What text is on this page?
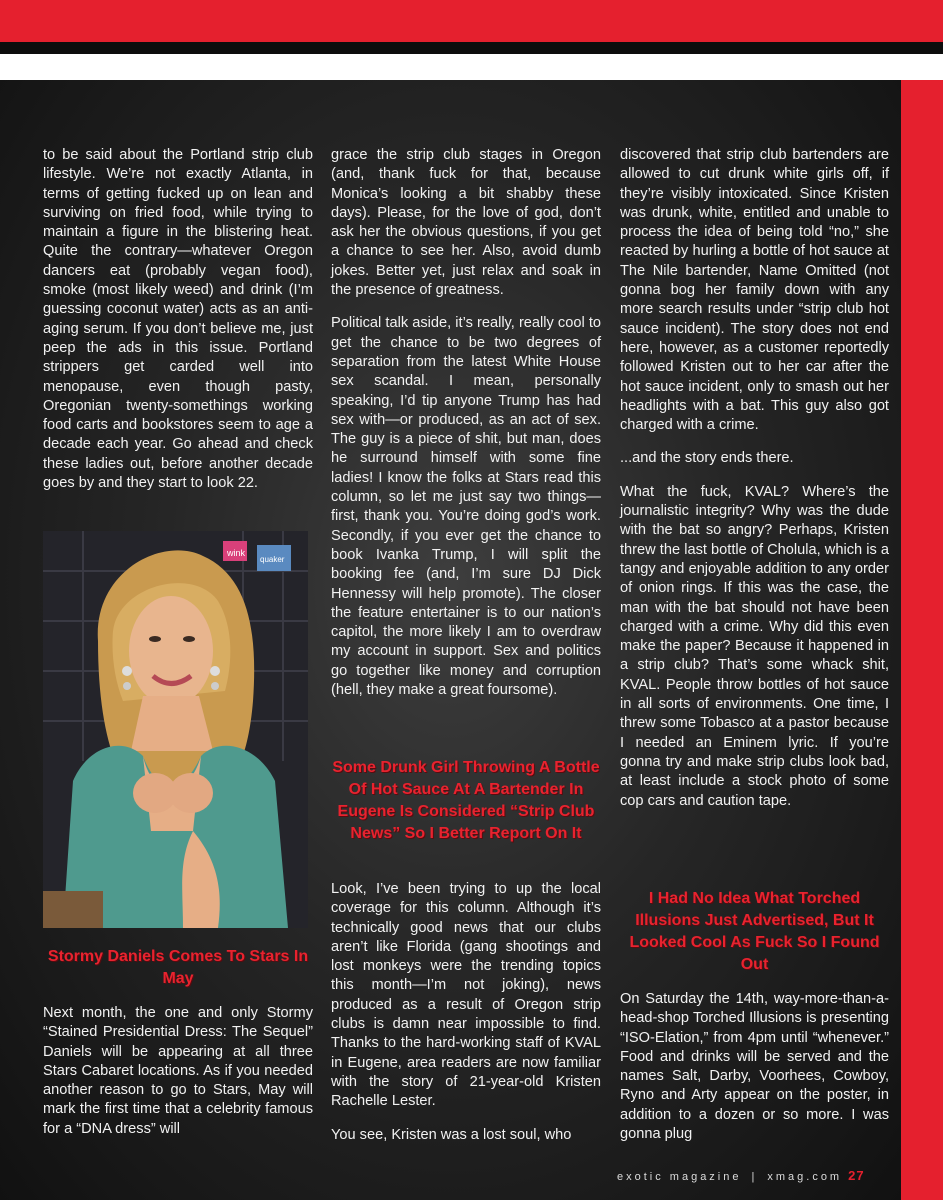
to be said about the Portland strip club lifestyle. We’re not exactly Atlanta, in terms of getting fucked up on lean and surviving on fried food, while trying to maintain a figure in the blistering heat. Quite the contrary—whatever Oregon dancers eat (probably vegan food), smoke (most likely weed) and drink (I’m guessing coconut water) acts as an anti-aging serum. If you don’t believe me, just peep the ads in this issue. Portland strippers get carded well into menopause, even though pasty, Oregonian twenty-somethings working food carts and bookstores seem to age a decade each year. Go ahead and check these ladies out, before another decade goes by and they start to look 22.

wink
quaker

Stormy Daniels Comes To Stars In May

Next month, the one and only Stormy “Stained Presidential Dress: The Sequel” Daniels will be appearing at all three Stars Cabaret locations. As if you needed another reason to go to Stars, May will mark the first time that a celebrity famous for a “DNA dress” will

grace the strip club stages in Oregon (and, thank fuck for that, because Monica’s looking a bit shabby these days). Please, for the love of god, don’t ask her the obvious questions, if you get a chance to see her. Also, avoid dumb jokes. Better yet, just relax and soak in the presence of greatness.

Political talk aside, it’s really, really cool to get the chance to be two degrees of separation from the latest White House sex scandal. I mean, personally speaking, I’d tip anyone Trump has had sex with—or produced, as an act of sex. The guy is a piece of shit, but man, does he surround himself with some fine ladies! I know the folks at Stars read this column, so let me just say two things—first, thank you. You’re doing god’s work. Secondly, if you ever get the chance to book Ivanka Trump, I will split the booking fee (and, I’m sure DJ Dick Hennessy will help promote). The closer the feature entertainer is to our nation’s capitol, the more likely I am to overdraw my account in support. Sex and politics go together like money and corruption (hell, they make a great foursome).

Some Drunk Girl Throwing A Bottle Of Hot Sauce At A Bartender In Eugene Is Considered “Strip Club News” So I Better Report On It

Look, I’ve been trying to up the local coverage for this column. Although it’s technically good news that our clubs aren’t like Florida (gang shootings and lost monkeys were the trending topics this month—I’m not joking), news produced as a result of Oregon strip clubs is damn near impossible to find. Thanks to the hard-working staff of KVAL in Eugene, area readers are now familiar with the story of 21-year-old Kristen Rachelle Lester.

You see, Kristen was a lost soul, who

discovered that strip club bartenders are allowed to cut drunk white girls off, if they’re visibly intoxicated. Since Kristen was drunk, white, entitled and unable to process the idea of being told “no,” she reacted by hurling a bottle of hot sauce at The Nile bartender, Name Omitted (not gonna bog her family down with any more search results under “strip club hot sauce incident). The story does not end here, however, as a customer reportedly followed Kristen out to her car after the hot sauce incident, only to smash out her headlights with a bat. This guy also got charged with a crime.

...and the story ends there.

What the fuck, KVAL? Where’s the journalistic integrity? Why was the dude with the bat so angry? Perhaps, Kristen threw the last bottle of Cholula, which is a tangy and enjoyable addition to any order of onion rings. If this was the case, the man with the bat should not have been charged with a crime. Why did this even make the paper? Because it happened in a strip club? That’s some whack shit, KVAL. People throw bottles of hot sauce in all sorts of environments. One time, I threw some Tobasco at a pastor because I needed an Eminem lyric. If you’re gonna try and make strip clubs look bad, at least include a stock photo of some cop cars and caution tape.

I Had No Idea What Torched Illusions Just Advertised, But It Looked Cool As Fuck So I Found Out

On Saturday the 14th, way-more-than-a-head-shop Torched Illusions is presenting “ISO-Elation,” from 4pm until “whenever.” Food and drinks will be served and the names Salt, Darby, Voorhees, Cowboy, Ryno and Arty appear on the poster, in addition to a dozen or so more. I was gonna plug
exotic magazine | xmag.com 27
